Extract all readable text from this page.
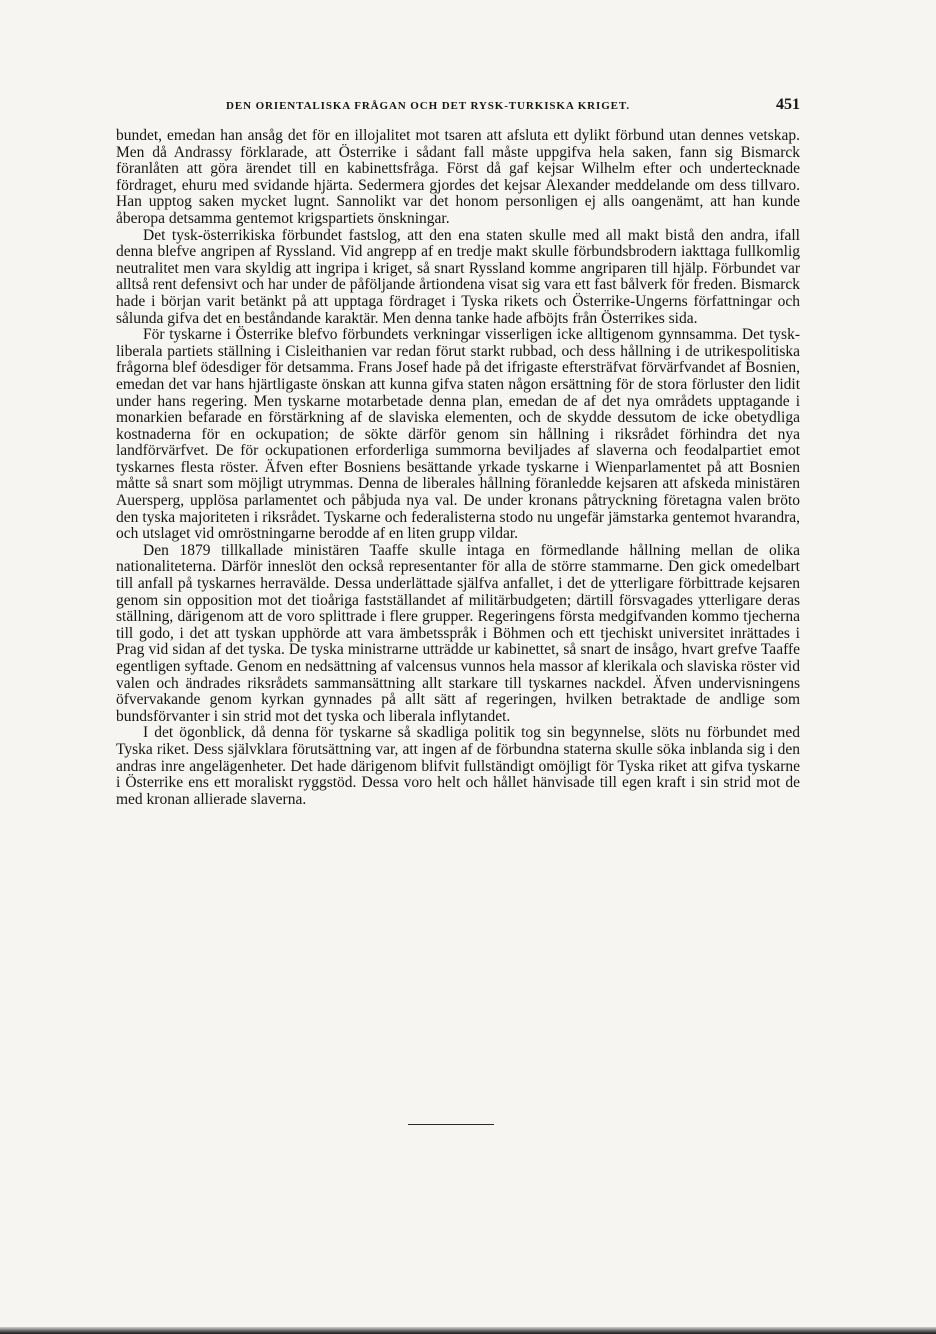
DEN ORIENTALISKA FRÅGAN OCH DET RYSK-TURKISKA KRIGET.	451

bundet, emedan han ansåg det för en illojalitet mot tsaren att afsluta ett dylikt förbund utan dennes vetskap. Men då Andrassy förklarade, att Österrike i sådant fall måste uppgifva hela saken, fann sig Bismarck föranlåten att göra ärendet till en kabinettsfråga. Först då gaf kejsar Wilhelm efter och undertecknade fördraget, ehuru med svidande hjärta. Sedermera gjordes det kejsar Alexander meddelande om dess tillvaro. Han upptog saken mycket lugnt. Sannolikt var det honom personligen ej alls oangenämt, att han kunde åberopa detsamma gentemot krigspartiets önskningar.

Det tysk-österrikiska förbundet fastslog, att den ena staten skulle med all makt bistå den andra, ifall denna blefve angripen af Ryssland. Vid angrepp af en tredje makt skulle förbundsbrodern iakttaga fullkomlig neutralitet men vara skyldig att ingripa i kriget, så snart Ryssland komme angriparen till hjälp. Förbundet var alltså rent defensivt och har under de påföljande årtiondena visat sig vara ett fast bålverk för freden. Bismarck hade i början varit betänkt på att upptaga fördraget i Tyska rikets och Österrike-Ungerns författningar och sålunda gifva det en beståndande karaktär. Men denna tanke hade afböjts från Österrikes sida.

För tyskarne i Österrike blefvo förbundets verkningar visserligen icke alltigenom gynnsamma. Det tysk-liberala partiets ställning i Cisleithanien var redan förut starkt rubbad, och dess hållning i de utrikespolitiska frågorna blef ödesdiger för detsamma. Frans Josef hade på det ifrigaste eftersträfvat förvärfvandet af Bosnien, emedan det var hans hjärtligaste önskan att kunna gifva staten någon ersättning för de stora förluster den lidit under hans regering. Men tyskarne motarbetade denna plan, emedan de af det nya områdets upptagande i monarkien befarade en förstärkning af de slaviska elementen, och de skydde dessutom de icke obetydliga kostnaderna för en ockupation; de sökte därför genom sin hållning i riksrådet förhindra det nya landförvärfvet. De för ockupationen erforderliga summorna beviljades af slaverna och feodalpartiet emot tyskarnes flesta röster. Äfven efter Bosniens besättande yrkade tyskarne i Wienparlamentet på att Bosnien måtte så snart som möjligt utrymmas. Denna de liberales hållning föranledde kejsaren att afskeda ministären Auersperg, upplösa parlamentet och påbjuda nya val. De under kronans påtryckning företagna valen bröto den tyska majoriteten i riksrådet. Tyskarne och federalisterna stodo nu ungefär jämstarka gentemot hvarandra, och utslaget vid omröstningarne berodde af en liten grupp vildar.

Den 1879 tillkallade ministären Taaffe skulle intaga en förmedlande hållning mellan de olika nationaliteterna. Därför inneslöt den också representanter för alla de större stammarne. Den gick omedelbart till anfall på tyskarnes herravälde. Dessa underlättade själfva anfallet, i det de ytterligare förbittrade kejsaren genom sin opposition mot det tioåriga fastställandet af militärbudgeten; därtill försvagades ytterligare deras ställning, därigenom att de voro splittrade i flere grupper. Regeringens första medgifvanden kommo tjecherna till godo, i det att tyskan upphörde att vara ämbetsspråk i Böhmen och ett tjechiskt universitet inrättades i Prag vid sidan af det tyska. De tyska ministrarne utträdde ur kabinettet, så snart de insågo, hvart grefve Taaffe egentligen syftade. Genom en nedsättning af valcensus vunnos hela massor af klerikala och slaviska röster vid valen och ändrades riksrådets sammansättning allt starkare till tyskarnes nackdel. Äfven undervisningens öfvervakande genom kyrkan gynnades på allt sätt af regeringen, hvilken betraktade de andlige som bundsförvanter i sin strid mot det tyska och liberala inflytandet.

I det ögonblick, då denna för tyskarne så skadliga politik tog sin begynnelse, slöts nu förbundet med Tyska riket. Dess självklara förutsättning var, att ingen af de förbundna staterna skulle söka inblanda sig i den andras inre angelägenheter. Det hade därigenom blifvit fullständigt omöjligt för Tyska riket att gifva tyskarne i Österrike ens ett moraliskt ryggstöd. Dessa voro helt och hållet hänvisade till egen kraft i sin strid mot de med kronan allierade slaverna.
